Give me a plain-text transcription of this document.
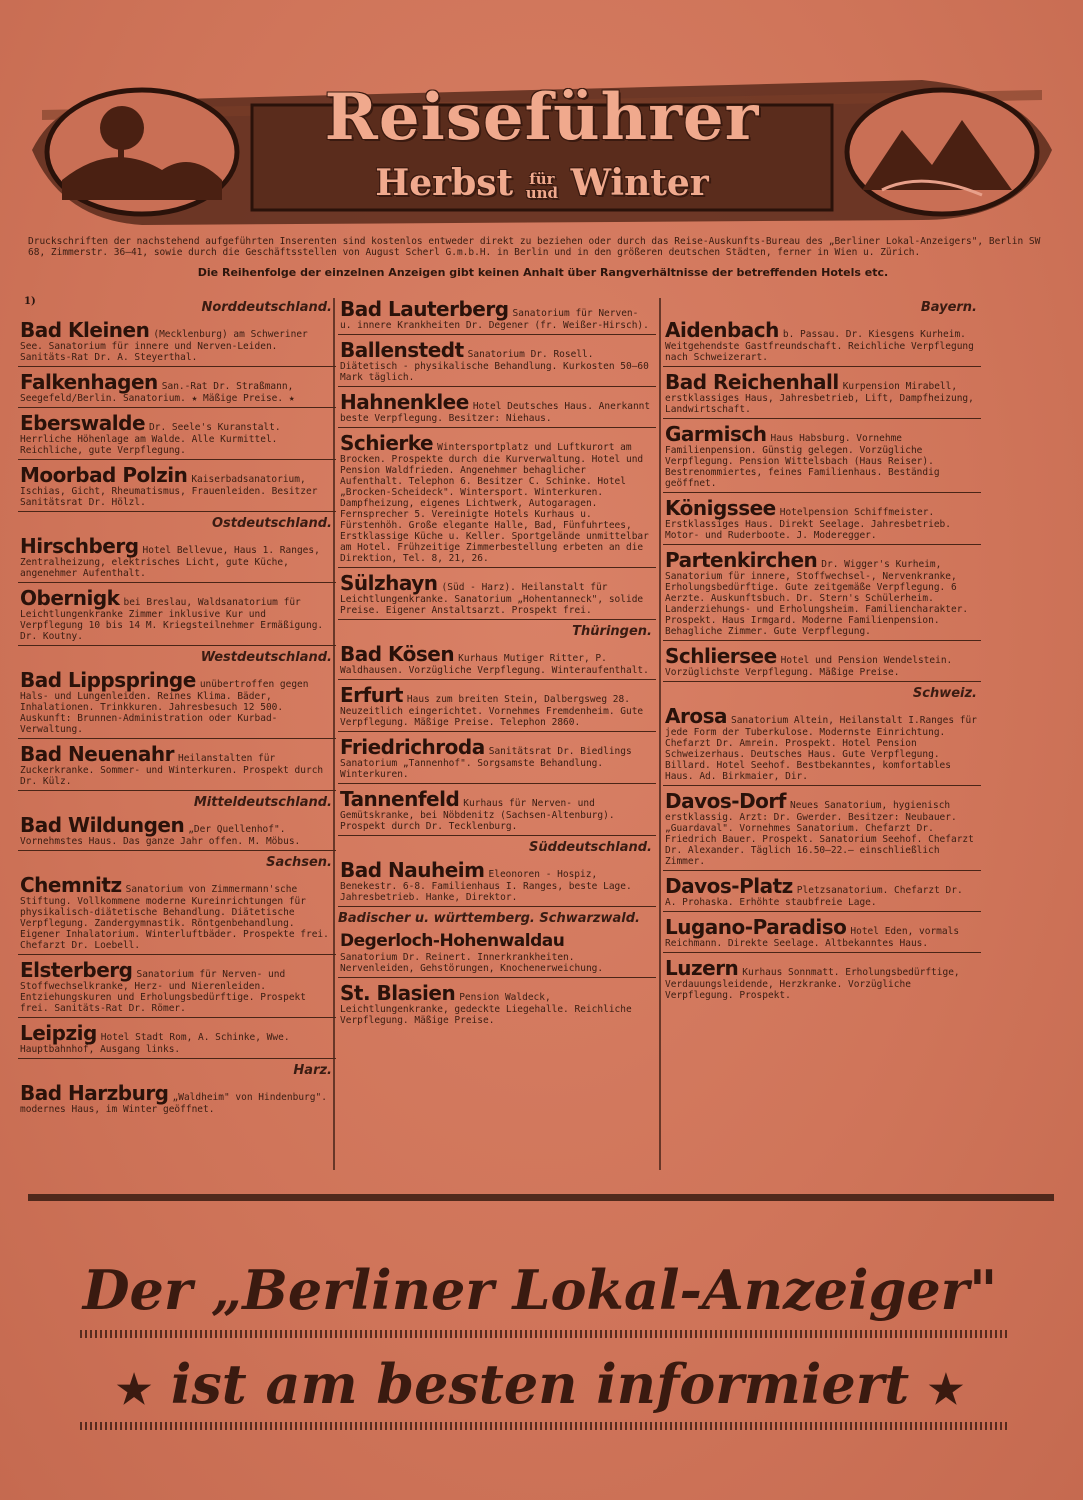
Reiseführer
Herbst für
und Winter
Druckschriften der nachstehend aufgeführten Inserenten sind kostenlos entweder direkt zu beziehen oder durch das Reise-Auskunfts-Bureau des „Berliner Lokal-Anzeigers", Berlin SW 68, Zimmerstr. 36—41, sowie durch die Geschäftsstellen von August Scherl G.m.b.H. in Berlin und in den größeren deutschen Städten, ferner in Wien u. Zürich.
Die Reihenfolge der einzelnen Anzeigen gibt keinen Anhalt über Rangverhältnisse der betreffenden Hotels etc.
1)	Norddeutschland.
Bad Kleinen (Mecklenburg) am Schweriner See. Sanatorium für innere und Nerven-Leiden. Sanitäts-Rat Dr. A. Steyerthal.
Falkenhagen San.-Rat Dr. Straßmann, Seegefeld/Berlin. Sanatorium. ★ Mäßige Preise. ★
Eberswalde Dr. Seele's Kuranstalt. Herrliche Höhenlage am Walde. Alle Kurmittel. Reichliche, gute Verpflegung.
Moorbad Polzin Kaiserbadsanatorium, Ischias, Gicht, Rheumatismus, Frauenleiden. Besitzer Sanitätsrat Dr. Hölzl.
Ostdeutschland.
Hirschberg Hotel Bellevue, Haus 1. Ranges, Zentralheizung, elektrisches Licht, gute Küche, angenehmer Aufenthalt.
Obernigk bei Breslau, Waldsanatorium für Leichtlungenkranke Zimmer inklusive Kur und Verpflegung 10 bis 14 M. Kriegsteilnehmer Ermäßigung. Dr. Koutny.
Westdeutschland.
Bad Lippspringe unübertroffen gegen Hals- und Lungenleiden. Reines Klima. Bäder, Inhalationen. Trinkkuren. Jahresbesuch 12 500. Auskunft: Brunnen-Administration oder Kurbad-Verwaltung.
Bad Neuenahr Heilanstalten für Zuckerkranke. Sommer- und Winterkuren. Prospekt durch Dr. Külz.
Mitteldeutschland.
Bad Wildungen „Der Quellenhof". Vornehmstes Haus. Das ganze Jahr offen. M. Möbus.
Sachsen.
Chemnitz Sanatorium von Zimmermann'sche Stiftung. Vollkommene moderne Kureinrichtungen für physikalisch-diätetische Behandlung. Diätetische Verpflegung. Zandergymnastik. Röntgenbehandlung. Eigener Inhalatorium. Winterluftbäder. Prospekte frei. Chefarzt Dr. Loebell.
Elsterberg Sanatorium für Nerven- und Stoffwechselkranke, Herz- und Nierenleiden. Entziehungskuren und Erholungsbedürftige. Prospekt frei. Sanitäts-Rat Dr. Römer.
Leipzig Hotel Stadt Rom, A. Schinke, Wwe. Hauptbahnhof, Ausgang links.
Harz.
Bad Harzburg „Waldheim" von Hindenburg". modernes Haus, im Winter geöffnet.
Bad Lauterberg Sanatorium für Nerven- u. innere Krankheiten Dr. Degener (fr. Weißer-Hirsch).
Ballenstedt Sanatorium Dr. Rosell. Diätetisch - physikalische Behandlung. Kurkosten 50—60 Mark täglich.
Hahnenklee Hotel Deutsches Haus. Anerkannt beste Verpflegung. Besitzer: Niehaus.
Schierke Wintersportplatz und Luftkurort am Brocken. Prospekte durch die Kurverwaltung. Hotel und Pension Waldfrieden. Angenehmer behaglicher Aufenthalt. Telephon 6. Besitzer C. Schinke. Hotel „Brocken-Scheideck". Wintersport. Winterkuren. Dampfheizung, eigenes Lichtwerk, Autogaragen. Fernsprecher 5. Vereinigte Hotels Kurhaus u. Fürstenhöh. Große elegante Halle, Bad, Fünfuhrtees, Erstklassige Küche u. Keller. Sportgelände unmittelbar am Hotel. Frühzeitige Zimmerbestellung erbeten an die Direktion, Tel. 8, 21, 26.
Sülzhayn (Süd - Harz). Heilanstalt für Leichtlungenkranke. Sanatorium „Hohentanneck", solide Preise. Eigener Anstaltsarzt. Prospekt frei.
Thüringen.
Bad Kösen Kurhaus Mutiger Ritter, P. Waldhausen. Vorzügliche Verpflegung. Winteraufenthalt.
Erfurt Haus zum breiten Stein, Dalbergsweg 28. Neuzeitlich eingerichtet. Vornehmes Fremdenheim. Gute Verpflegung. Mäßige Preise. Telephon 2860.
Friedrichroda Sanitätsrat Dr. Biedlings Sanatorium „Tannenhof". Sorgsamste Behandlung. Winterkuren.
Tannenfeld Kurhaus für Nerven- und Gemütskranke, bei Nöbdenitz (Sachsen-Altenburg). Prospekt durch Dr. Tecklenburg.
Süddeutschland.
Bad Nauheim Eleonoren - Hospiz, Benekestr. 6-8. Familienhaus I. Ranges, beste Lage. Jahresbetrieb. Hanke, Direktor.
Badischer u. württemberg. Schwarzwald.
Degerloch-Hohenwaldau
Sanatorium Dr. Reinert. Innerkrankheiten. Nervenleiden, Gehstörungen, Knochenerweichung.
St. Blasien Pension Waldeck, Leichtlungenkranke, gedeckte Liegehalle. Reichliche Verpflegung. Mäßige Preise.
Bayern.
Aidenbach b. Passau. Dr. Kiesgens Kurheim. Weitgehendste Gastfreundschaft. Reichliche Verpflegung nach Schweizerart.
Bad Reichenhall Kurpension Mirabell, erstklassiges Haus, Jahresbetrieb, Lift, Dampfheizung, Landwirtschaft.
Garmisch Haus Habsburg. Vornehme Familienpension. Günstig gelegen. Vorzügliche Verpflegung. Pension Wittelsbach (Haus Reiser). Bestrenommiertes, feines Familienhaus. Beständig geöffnet.
Königssee Hotelpension Schiffmeister. Erstklassiges Haus. Direkt Seelage. Jahresbetrieb. Motor- und Ruderboote. J. Moderegger.
Partenkirchen Dr. Wigger's Kurheim, Sanatorium für innere, Stoffwechsel-, Nervenkranke, Erholungsbedürftige. Gute zeitgemäße Verpflegung. 6 Aerzte. Auskunftsbuch. Dr. Stern's Schülerheim. Landerziehungs- und Erholungsheim. Familiencharakter. Prospekt. Haus Irmgard. Moderne Familienpension. Behagliche Zimmer. Gute Verpflegung.
Schliersee Hotel und Pension Wendelstein. Vorzüglichste Verpflegung. Mäßige Preise.
Schweiz.
Arosa Sanatorium Altein, Heilanstalt I.Ranges für jede Form der Tuberkulose. Modernste Einrichtung. Chefarzt Dr. Amrein. Prospekt. Hotel Pension Schweizerhaus. Deutsches Haus. Gute Verpflegung. Billard. Hotel Seehof. Bestbekanntes, komfortables Haus. Ad. Birkmaier, Dir.
Davos-Dorf Neues Sanatorium, hygienisch erstklassig. Arzt: Dr. Gwerder. Besitzer: Neubauer. „Guardaval". Vornehmes Sanatorium. Chefarzt Dr. Friedrich Bauer. Prospekt. Sanatorium Seehof. Chefarzt Dr. Alexander. Täglich 16.50—22.— einschließlich Zimmer.
Davos-Platz Pletzsanatorium. Chefarzt Dr. A. Prohaska. Erhöhte staubfreie Lage.
Lugano-Paradiso Hotel Eden, vormals Reichmann. Direkte Seelage. Altbekanntes Haus.
Luzern Kurhaus Sonnmatt. Erholungsbedürftige, Verdauungsleidende, Herzkranke. Vorzügliche Verpflegung. Prospekt.
Der „Berliner Lokal-Anzeiger"
★ ist am besten informiert ★
